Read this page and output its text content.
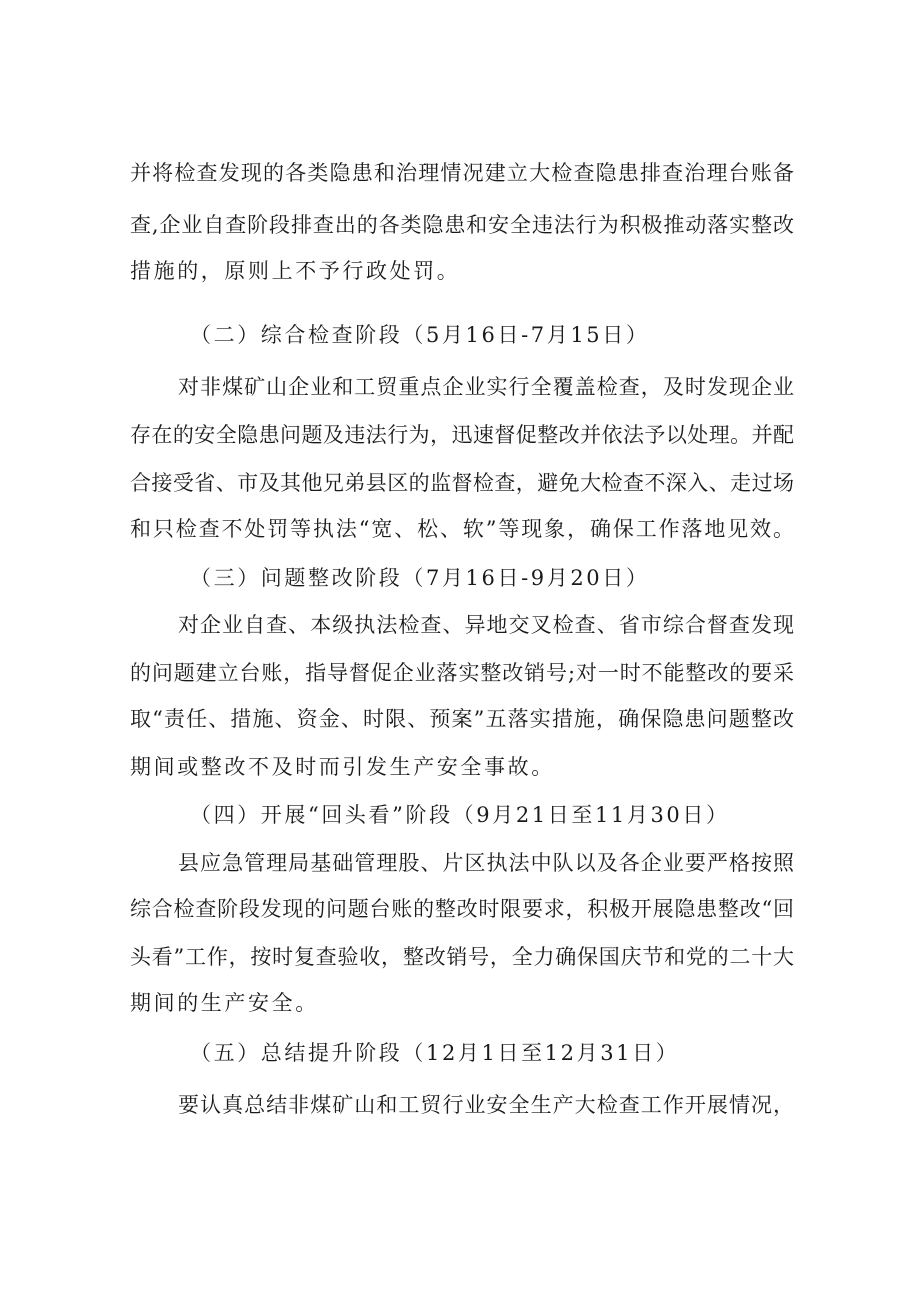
并将检查发现的各类隐患和治理情况建立大检查隐患排查治理台账备
查,企业自查阶段排查出的各类隐患和安全违法行为积极推动落实整改
措施的，原则上不予行政处罚。
（二）综合检查阶段（5月16日-7月15日）
对非煤矿山企业和工贸重点企业实行全覆盖检查，及时发现企业
存在的安全隐患问题及违法行为，迅速督促整改并依法予以处理。并配
合接受省、市及其他兄弟县区的监督检查，避免大检查不深入、走过场
和只检查不处罚等执法“宽、松、软”等现象，确保工作落地见效。
（三）问题整改阶段（7月16日-9月20日）
对企业自查、本级执法检查、异地交叉检查、省市综合督查发现
的问题建立台账，指导督促企业落实整改销号;对一时不能整改的要采
取“责任、措施、资金、时限、预案”五落实措施，确保隐患问题整改
期间或整改不及时而引发生产安全事故。
（四）开展“回头看”阶段（9月21日至11月30日）
县应急管理局基础管理股、片区执法中队以及各企业要严格按照
综合检查阶段发现的问题台账的整改时限要求，积极开展隐患整改“回
头看”工作，按时复查验收，整改销号，全力确保国庆节和党的二十大
期间的生产安全。
（五）总结提升阶段（12月1日至12月31日）
要认真总结非煤矿山和工贸行业安全生产大检查工作开展情况，
